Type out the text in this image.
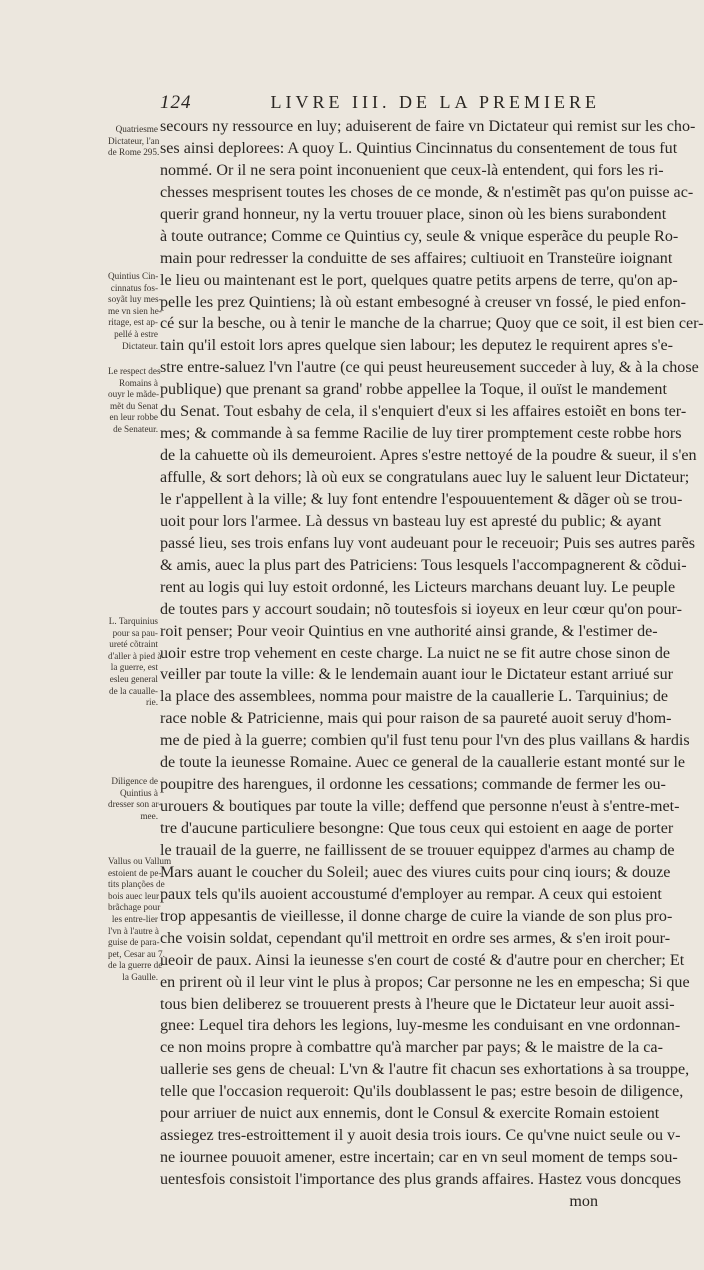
124	LIVRE III. DE LA PREMIERE
Quatriesme
Dictateur, l'an
de Rome 295.
Quintius Cin-
cinnatus fos-
soyãt luy mes-
me vn sien he-
ritage, est ap-
pellé à estre
Dictateur.
Le respect des
Romains à
ouyr le mãde-
mẽt du Senat
en leur robbe
de Senateur.
L. Tarquinius
pour sa pau-
ureté cõtraint
d'aller à pied à
la guerre, est
esleu general
de la caualle-
rie.
Diligence de
Quintius à
dresser son ar-
mee.
Vallus ou Vallum
estoient de pe-
tits planções de
bois auec leur
brãchage pour
les entre-lier
l'vn à l'autre à
guise de para-
pet, Cesar au 7.
de la guerre de
la Gaulle.
secours ny ressource en luy; aduiserent de faire vn Dictateur qui remist sur les cho-
ses ainsi deplorees: A quoy L. Quintius Cincinnatus du consentement de tous fut
nommé. Or il ne sera point inconuenient que ceux-là entendent, qui fors les ri-
chesses mesprisent toutes les choses de ce monde, & n'estimẽt pas qu'on puisse ac-
querir grand honneur, ny la vertu trouuer place, sinon où les biens surabondent
à toute outrance; Comme ce Quintius cy, seule & vnique esperãce du peuple Ro-
main pour redresser la conduitte de ses affaires; cultiuoit en Transteüre ioignant
le lieu ou maintenant est le port, quelques quatre petits arpens de terre, qu'on ap-
pelle les prez Quintiens; là où estant embesogné à creuser vn fossé, le pied enfon-
cé sur la besche, ou à tenir le manche de la charrue; Quoy que ce soit, il est bien cer-
tain qu'il estoit lors apres quelque sien labour; les deputez le requirent apres s'e-
stre entre-saluez l'vn l'autre (ce qui peust heureusement succeder à luy, & à la chose
publique) que prenant sa grand' robbe appellee la Toque, il ouïst le mandement
du Senat. Tout esbahy de cela, il s'enquiert d'eux si les affaires estoiẽt en bons ter-
mes; & commande à sa femme Racilie de luy tirer promptement ceste robbe hors
de la cahuette où ils demeuroient. Apres s'estre nettoyé de la poudre & sueur, il s'en
affulle, & sort dehors; là où eux se congratulans auec luy le saluent leur Dictateur;
le r'appellent à la ville; & luy font entendre l'espouuentement & dãger où se trou-
uoit pour lors l'armee. Là dessus vn basteau luy est apresté du public; & ayant
passé lieu, ses trois enfans luy vont audeuant pour le receuoir; Puis ses autres parẽs
& amis, auec la plus part des Patriciens: Tous lesquels l'accompagnerent & cõdui-
rent au logis qui luy estoit ordonné, les Licteurs marchans deuant luy. Le peuple
de toutes pars y accourt soudain; nõ toutesfois si ioyeux en leur cœur qu'on pour-
roit penser; Pour veoir Quintius en vne authorité ainsi grande, & l'estimer de-
uoir estre trop vehement en ceste charge. La nuict ne se fit autre chose sinon de
veiller par toute la ville: & le lendemain auant iour le Dictateur estant arriué sur
la place des assemblees, nomma pour maistre de la cauallerie L. Tarquinius; de
race noble & Patricienne, mais qui pour raison de sa paureté auoit seruy d'hom-
me de pied à la guerre; combien qu'il fust tenu pour l'vn des plus vaillans & hardis
de toute la ieunesse Romaine. Auec ce general de la cauallerie estant monté sur le
poupitre des harengues, il ordonne les cessations; commande de fermer les ou-
urouers & boutiques par toute la ville; deffend que personne n'eust à s'entre-met-
tre d'aucune particuliere besongne: Que tous ceux qui estoient en aage de porter
le trauail de la guerre, ne faillissent de se trouuer equippez d'armes au champ de
Mars auant le coucher du Soleil; auec des viures cuits pour cinq iours; & douze
paux tels qu'ils auoient accoustumé d'employer au rempar. A ceux qui estoient
trop appesantis de vieillesse, il donne charge de cuire la viande de son plus pro-
che voisin soldat, cependant qu'il mettroit en ordre ses armes, & s'en iroit pour-
ueoir de paux. Ainsi la ieunesse s'en court de costé & d'autre pour en chercher; Et
en prirent où il leur vint le plus à propos; Car personne ne les en empeschа; Si que
tous bien deliberez se trouuerent prests à l'heure que le Dictateur leur auoit assi-
gnee: Lequel tira dehors les legions, luy-mesme les conduisant en vne ordonnan-
ce non moins propre à combattre qu'à marcher par pays; & le maistre de la ca-
uallerie ses gens de cheual: L'vn & l'autre fit chacun ses exhortations à sa trouppe,
telle que l'occasion requeroit: Qu'ils doublassent le pas; estre besoin de diligence,
pour arriuer de nuict aux ennemis, dont le Consul & exercite Romain estoient
assiegez tres-estroittement il y auoit desia trois iours. Ce qu'vne nuict seule ou v-
ne iournee pouuoit amener, estre incertain; car en vn seul moment de temps sou-
uentesfois consistoit l'importance des plus grands affaires. Hastez vous doncques
mon
